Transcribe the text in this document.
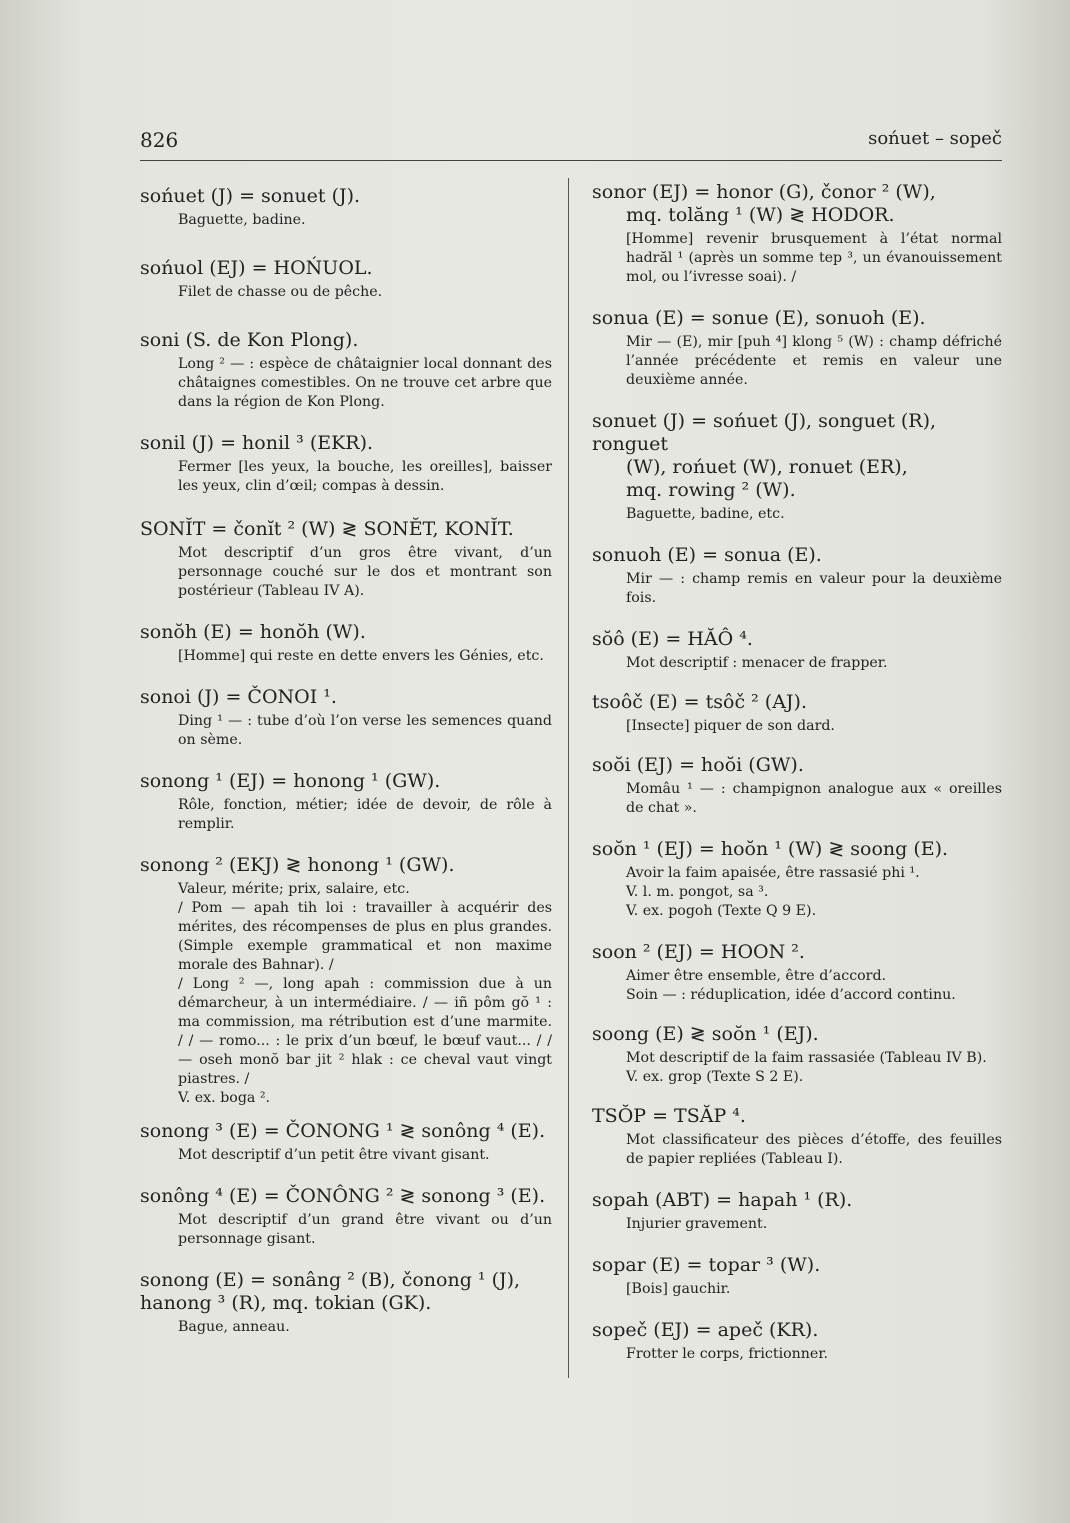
826	sońuet – sopeč

sońuet (J) = sonuet (J).

Baguette, badine.

sońuol (EJ) = HOŃUOL.

Filet de chasse ou de pêche.

soni (S. de Kon Plong).

Long ² — : espèce de châtaignier local donnant des châtaignes comestibles. On ne trouve cet arbre que dans la région de Kon Plong.

sonil (J) = honil ³ (EKR).

Fermer [les yeux, la bouche, les oreilles], baisser les yeux, clin d’œil; compas à dessin.

SONĬT = čonĭt ² (W) ≷ SONĔT, KONĬT.

Mot descriptif d’un gros être vivant, d’un personnage couché sur le dos et montrant son postérieur (Tableau IV A).

sonŏh (E) = honŏh (W).

[Homme] qui reste en dette envers les Génies, etc.

sonoi (J) = ČONOI ¹.

Ding ¹ — : tube d’où l’on verse les semences quand on sème.

sonong ¹ (EJ) = honong ¹ (GW).

Rôle, fonction, métier; idée de devoir, de rôle à remplir.

sonong ² (EKJ) ≷ honong ¹ (GW).

Valeur, mérite; prix, salaire, etc.

/ Pom — apah tih loi : travailler à acquérir des mérites, des récompenses de plus en plus grandes. (Simple exemple grammatical et non maxime morale des Bahnar). /

/ Long ² —, long apah : commission due à un démarcheur, à un intermédiaire. / — iñ pôm gŏ ¹ : ma commission, ma rétribution est d’une marmite. / / — romo... : le prix d’un bœuf, le bœuf vaut... / / — oseh monŏ bar jit ² hlak : ce cheval vaut vingt piastres. /

V. ex. boga ².

sonong ³ (E) = ČONONG ¹ ≷ sonông ⁴ (E).

Mot descriptif d’un petit être vivant gisant.

sonông ⁴ (E) = ČONÔNG ² ≷ sonong ³ (E).

Mot descriptif d’un grand être vivant ou d’un personnage gisant.

sonong (E) = sonâng ² (B), čonong ¹ (J), hanong ³ (R), mq. tokian (GK).

Bague, anneau.

sonor (EJ) = honor (G), čonor ² (W),
mq. tolăng ¹ (W) ≷ HODOR.

[Homme] revenir brusquement à l’état normal hadrăl ¹ (après un somme tep ³, un évanouissement mol, ou l’ivresse soai). /

sonua (E) = sonue (E), sonuoh (E).

Mir — (E), mir [puh ⁴] klong ⁵ (W) : champ défriché l’année précédente et remis en valeur une deuxième année.

sonuet (J) = sońuet (J), songuet (R), ronguet
(W), rońuet (W), ronuet (ER),
mq. rowing ² (W).

Baguette, badine, etc.

sonuoh (E) = sonua (E).

Mir — : champ remis en valeur pour la deuxième fois.

sŏô (E) = HĂÔ ⁴.

Mot descriptif : menacer de frapper.

tsoôč (E) = tsôč ² (AJ).

[Insecte] piquer de son dard.

soŏi (EJ) = hoŏi (GW).

Momâu ¹ — : champignon analogue aux « oreilles de chat ».

soŏn ¹ (EJ) = hoŏn ¹ (W) ≷ soong (E).

Avoir la faim apaisée, être rassasié phi ¹.

V. l. m. pongot, sa ³.

V. ex. pogoh (Texte Q 9 E).

soon ² (EJ) = HOON ².

Aimer être ensemble, être d’accord.

Soin — : réduplication, idée d’accord continu.

soong (E) ≷ soŏn ¹ (EJ).

Mot descriptif de la faim rassasiée (Tableau IV B).

V. ex. grop (Texte S 2 E).

TSŎP = TSĂP ⁴.

Mot classificateur des pièces d’étoffe, des feuilles de papier repliées (Tableau I).

sopah (ABT) = hapah ¹ (R).

Injurier gravement.

sopar (E) = topar ³ (W).

[Bois] gauchir.

sopeč (EJ) = apeč (KR).

Frotter le corps, frictionner.
